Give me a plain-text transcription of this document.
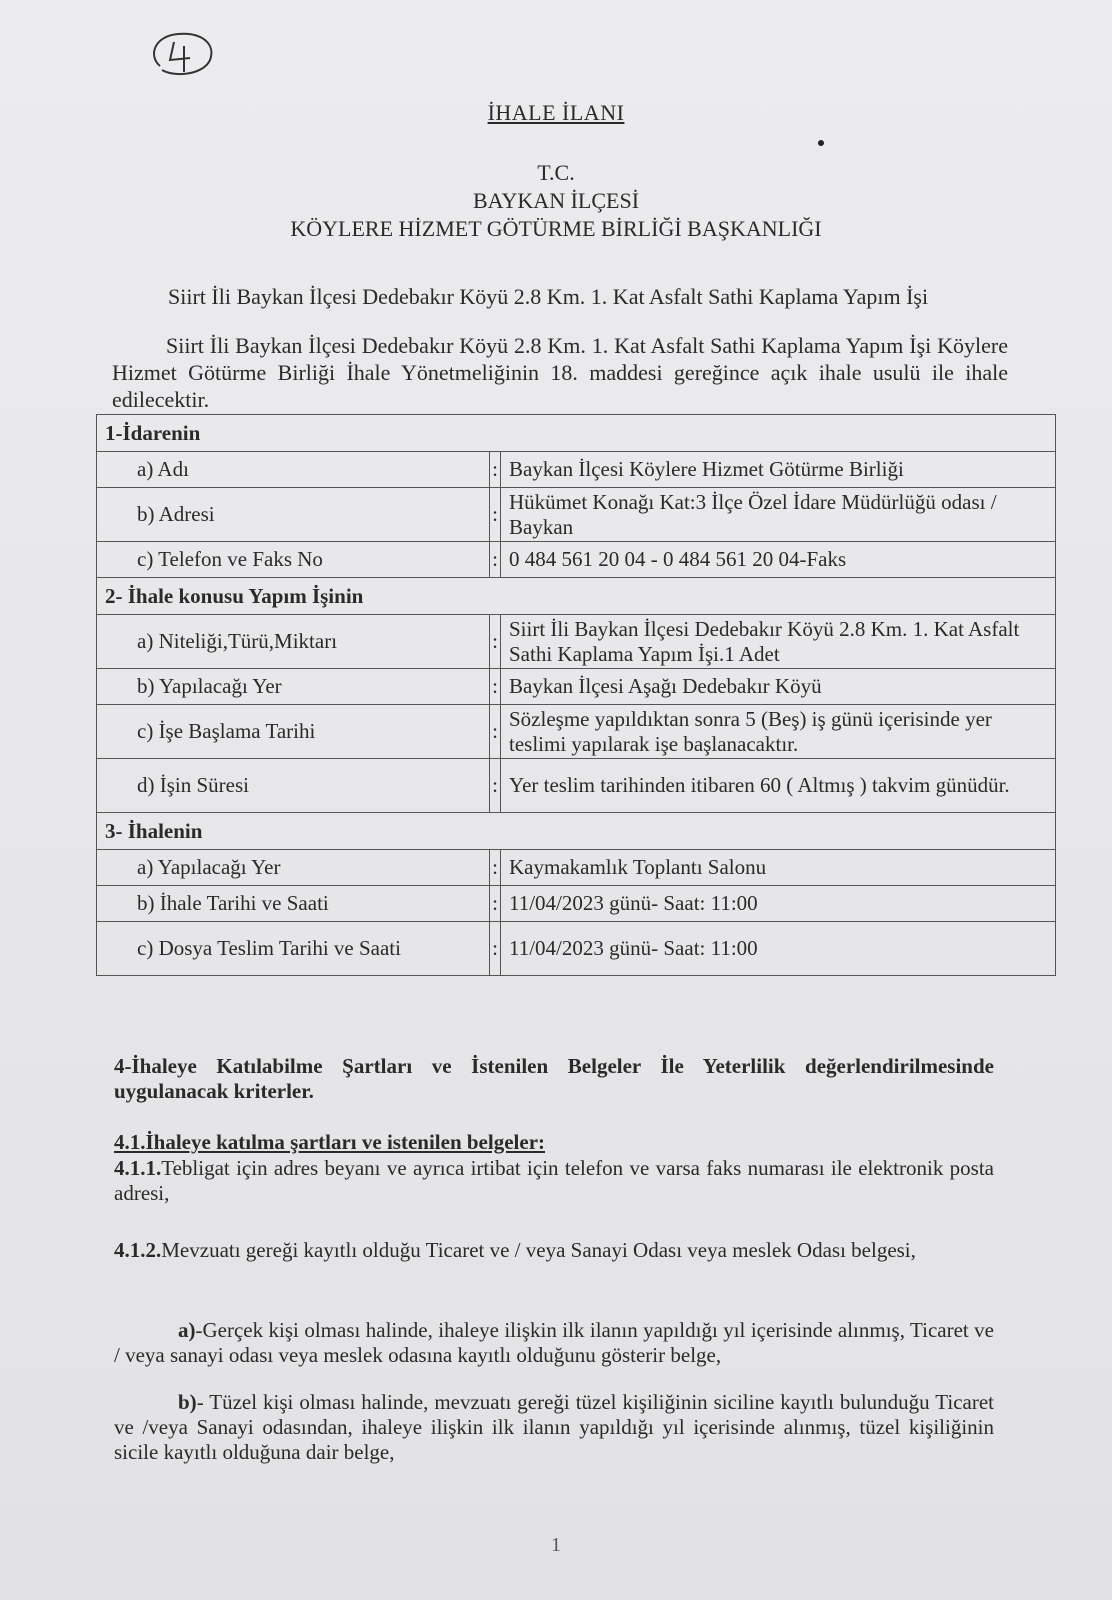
İHALE İLANI
T.C.
BAYKAN İLÇESİ
KÖYLERE HİZMET GÖTÜRME BİRLİĞİ BAŞKANLIĞI
Siirt İli Baykan İlçesi Dedebakır Köyü 2.8 Km. 1. Kat Asfalt Sathi Kaplama Yapım İşi
Siirt İli Baykan İlçesi Dedebakır Köyü 2.8 Km. 1. Kat Asfalt Sathi Kaplama Yapım İşi Köylere Hizmet Götürme Birliği İhale Yönetmeliğinin 18. maddesi gereğince açık ihale usulü ile ihale edilecektir.
1-İdarenin		
a) Adı	:	Baykan İlçesi Köylere Hizmet Götürme Birliği
b) Adresi	:	Hükümet Konağı Kat:3 İlçe Özel İdare Müdürlüğü odası / Baykan
c) Telefon ve Faks No	:	0 484 561 20 04 - 0 484 561 20 04-Faks
2- İhale konusu Yapım İşinin		
a) Niteliği,Türü,Miktarı	:	Siirt İli Baykan İlçesi Dedebakır Köyü 2.8 Km. 1. Kat Asfalt Sathi Kaplama Yapım İşi.1 Adet
b) Yapılacağı Yer	:	Baykan İlçesi Aşağı Dedebakır Köyü
c) İşe Başlama Tarihi	:	Sözleşme yapıldıktan sonra 5 (Beş) iş günü içerisinde yer teslimi yapılarak işe başlanacaktır.
d) İşin Süresi	:	Yer teslim tarihinden itibaren 60 ( Altmış ) takvim günüdür.
3- İhalenin		
a) Yapılacağı Yer	:	Kaymakamlık Toplantı Salonu
b) İhale Tarihi ve Saati	:	11/04/2023 günü- Saat: 11:00
c) Dosya Teslim Tarihi ve Saati	:	11/04/2023 günü- Saat: 11:00
4-İhaleye Katılabilme Şartları ve İstenilen Belgeler İle Yeterlilik değerlendirilmesinde uygulanacak kriterler.
4.1.İhaleye katılma şartları ve istenilen belgeler:
4.1.1.Tebligat için adres beyanı ve ayrıca irtibat için telefon ve varsa faks numarası ile elektronik posta adresi,
4.1.2.Mevzuatı gereği kayıtlı olduğu Ticaret ve / veya Sanayi Odası veya meslek Odası belgesi,
a)-Gerçek kişi olması halinde, ihaleye ilişkin ilk ilanın yapıldığı yıl içerisinde alınmış, Ticaret ve / veya sanayi odası veya meslek odasına kayıtlı olduğunu gösterir belge,
b)- Tüzel kişi olması halinde, mevzuatı gereği tüzel kişiliğinin siciline kayıtlı bulunduğu Ticaret ve /veya Sanayi odasından, ihaleye ilişkin ilk ilanın yapıldığı yıl içerisinde alınmış, tüzel kişiliğinin sicile kayıtlı olduğuna dair belge,
1
